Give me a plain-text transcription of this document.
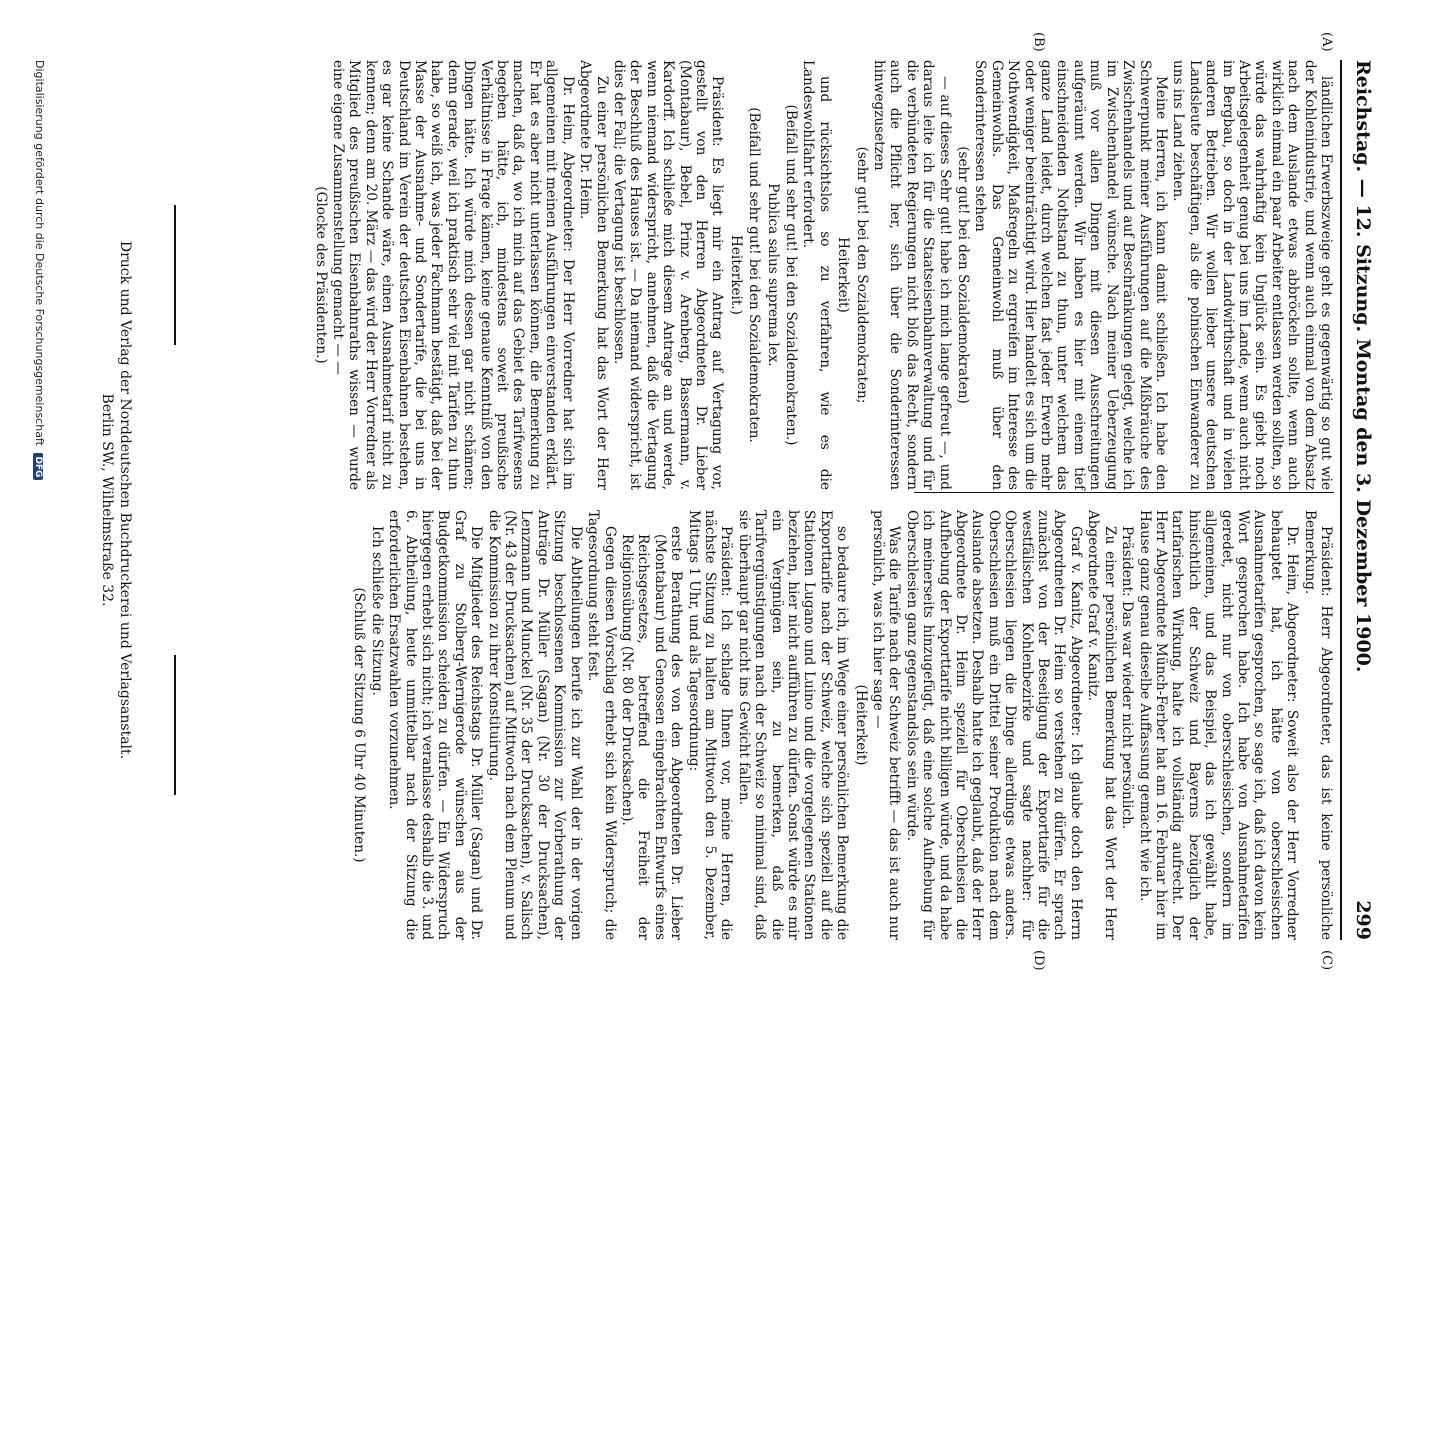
Reichstag. — 12. Sitzung. Montag den 3. Dezember 1900.
299
(A)
(B)
(C)
(D)

ländlichen Erwerbszweige geht es gegenwärtig so gut wie der Kohlenindustrie, und wenn auch einmal von dem Absatz nach dem Auslande etwas abbröckeln sollte, wenn auch wirklich einmal ein paar Arbeiter entlassen werden sollten, so würde das wahrhaftig kein Unglück sein. Es giebt noch Arbeitsgelegenheit genug bei uns im Lande, wenn auch nicht im Bergbau, so doch in der Landwirthschaft und in vielen anderen Betrieben. Wir wollen lieber unsere deutschen Landsleute beschäftigen, als die polnischen Einwanderer zu uns ins Land ziehen.

Meine Herren, ich kann damit schließen. Ich habe den Schwerpunkt meiner Ausführungen auf die Mißbräuche des Zwischenhandels und auf Beschränkungen gelegt, welche ich im Zwischenhandel wünsche. Nach meiner Ueberzeugung muß vor allen Dingen mit diesen Ausschreitungen aufgeräumt werden. Wir haben es hier mit einem tief einschneidenden Nothstand zu thun, unter welchem das ganze Land leidet, durch welchen fast jeder Erwerb mehr oder weniger beeinträchtigt wird. Hier handelt es sich um die Nothwendigkeit, Maßregeln zu ergreifen im Interesse des Gemeinwohls. Das Gemeinwohl muß über den Sonderinteressen stehen

(sehr gut! bei den Sozialdemokraten)

— auf dieses Sehr gut! habe ich mich lange gefreut —, und daraus leite ich für die Staatseisenbahnverwaltung und für die verbündeten Regierungen nicht bloß das Recht, sondern auch die Pflicht her, sich über die Sonderinteressen hinwegzusetzen

(sehr gut! bei den Sozialdemokraten;

Heiterkeit)

und rücksichtslos so zu verfahren, wie es die Landeswohlfahrt erfordert.

(Beifall und sehr gut! bei den Sozialdemokraten.)

Publica salus suprema lex.

(Beifall und sehr gut! bei den Sozialdemokraten.

Heiterkeit.)

Präsident: Es liegt mir ein Antrag auf Vertagung vor, gestellt von den Herren Abgeordneten Dr. Lieber (Montabaur), Bebel, Prinz v. Arenberg, Bassermann, v. Kardorff. Ich schließe mich diesem Antrage an und werde, wenn niemand widerspricht, annehmen, daß die Vertagung der Beschluß des Hauses ist. — Da niemand widerspricht, ist dies der Fall; die Vertagung ist beschlossen.

Zu einer persönlichen Bemerkung hat das Wort der Herr Abgeordnete Dr. Heim.

Dr. Heim, Abgeordneter: Der Herr Vorredner hat sich im allgemeinen mit meinen Ausführungen einverstanden erklärt. Er hat es aber nicht unterlassen können, die Bemerkung zu machen, daß da, wo ich mich auf das Gebiet des Tarifwesens begeben hätte, ich, mindestens soweit preußische Verhältnisse in Frage kämen, keine genaue Kenntniß von den Dingen hätte. Ich würde mich dessen gar nicht schämen; denn gerade, weil ich praktisch sehr viel mit Tarifen zu thun habe, so weiß ich, was jeder Fachmann bestätigt, daß bei der Masse der Ausnahme- und Sondertarife, die bei uns in Deutschland im Verein der deutschen Eisenbahnen bestehen, es gar keine Schande wäre, einen Ausnahmetarif nicht zu kennen; denn am 20. März — das wird der Herr Vorredner als Mitglied des preußischen Eisenbahnraths wissen — wurde eine eigene Zusammenstellung gemacht — —

(Glocke des Präsidenten.)

Präsident: Herr Abgeordneter, das ist keine persönliche Bemerkung.

Dr. Heim, Abgeordneter: Soweit also der Herr Vorredner behauptet hat, ich hätte von oberschlesischen Ausnahmetarifen gesprochen, so sage ich, daß ich davon kein Wort gesprochen habe. Ich habe von Ausnahmetarifen geredet, nicht nur von oberschlesischen, sondern im allgemeinen, und das Beispiel, das ich gewählt habe, hinsichtlich der Schweiz und Bayerns bezüglich der tarifarischen Wirkung, halte ich vollständig aufrecht. Der Herr Abgeordnete Münch-Ferber hat am 16. Februar hier im Hause ganz genau dieselbe Auffassung gemacht wie ich.

Präsident: Das war wieder nicht persönlich.

Zu einer persönlichen Bemerkung hat das Wort der Herr Abgeordnete Graf v. Kanitz.

Graf v. Kanitz, Abgeordneter: Ich glaube doch den Herrn Abgeordneten Dr. Heim so verstehen zu dürfen. Er sprach zunächst von der Beseitigung der Exporttarife für die westfälischen Kohlenbezirke und sagte nachher: für Oberschlesien liegen die Dinge allerdings etwas anders. Oberschlesien muß ein Drittel seiner Produktion nach dem Auslande absetzen. Deshalb hatte ich geglaubt, daß der Herr Abgeordnete Dr. Heim speziell für Oberschlesien die Aufhebung der Exporttarife nicht billigen würde, und da habe ich meinerseits hinzugefügt, daß eine solche Aufhebung für Oberschlesien ganz gegenstandslos sein würde.

Was die Tarife nach der Schweiz betrifft — das ist auch nur persönlich, was ich hier sage —

(Heiterkeit)

so bedaure ich, im Wege einer persönlichen Bemerkung die Exporttarife nach der Schweiz, welche sich speziell auf die Stationen Lugano und Luino und die vorgelegenen Stationen beziehen, hier nicht aufführen zu dürfen. Sonst würde es mir ein Vergnügen sein, zu bemerken, daß die Tarifvergünstigungen nach der Schweiz so minimal sind, daß sie überhaupt gar nicht ins Gewicht fallen.

Präsident: Ich schlage Ihnen vor, meine Herren, die nächste Sitzung zu halten am Mittwoch den 5. Dezember, Mittags 1 Uhr, und als Tagesordnung:

erste Berathung des von den Abgeordneten Dr. Lieber (Montabaur) und Genossen eingebrachten Entwurfs eines Reichsgesetzes, betreffend die Freiheit der Religionsübung (Nr. 80 der Drucksachen).

Gegen diesen Vorschlag erhebt sich kein Widerspruch; die Tagesordnung steht fest.

Die Abtheilungen berufe ich zur Wahl der in der vorigen Sitzung beschlossenen Kommission zur Vorberathung der Anträge Dr. Müller (Sagan) (Nr. 30 der Drucksachen), Lenzmann und Munckel (Nr. 35 der Drucksachen), v. Salisch (Nr. 43 der Drucksachen) auf Mittwoch nach dem Plenum und die Kommission zu ihrer Konstituirung.

Die Mitglieder des Reichstags Dr. Müller (Sagan) und Dr. Graf zu Stolberg-Wernigerode wünschen aus der Budgetkommission scheiden zu dürfen. — Ein Widerspruch hiergegen erhebt sich nicht; ich veranlasse deshalb die 3. und 6. Abtheilung, heute unmittelbar nach der Sitzung die erforderlichen Ersatzwahlen vorzunehmen.

Ich schließe die Sitzung.

(Schluß der Sitzung 6 Uhr 40 Minuten.)

Druck und Verlag der Norddeutschen Buchdruckerei und Verlagsanstalt.
Berlin SW., Wilhelmstraße 32.
Digitalisierung gefördert durch die Deutsche Forschungsgemeinschaft DFG
